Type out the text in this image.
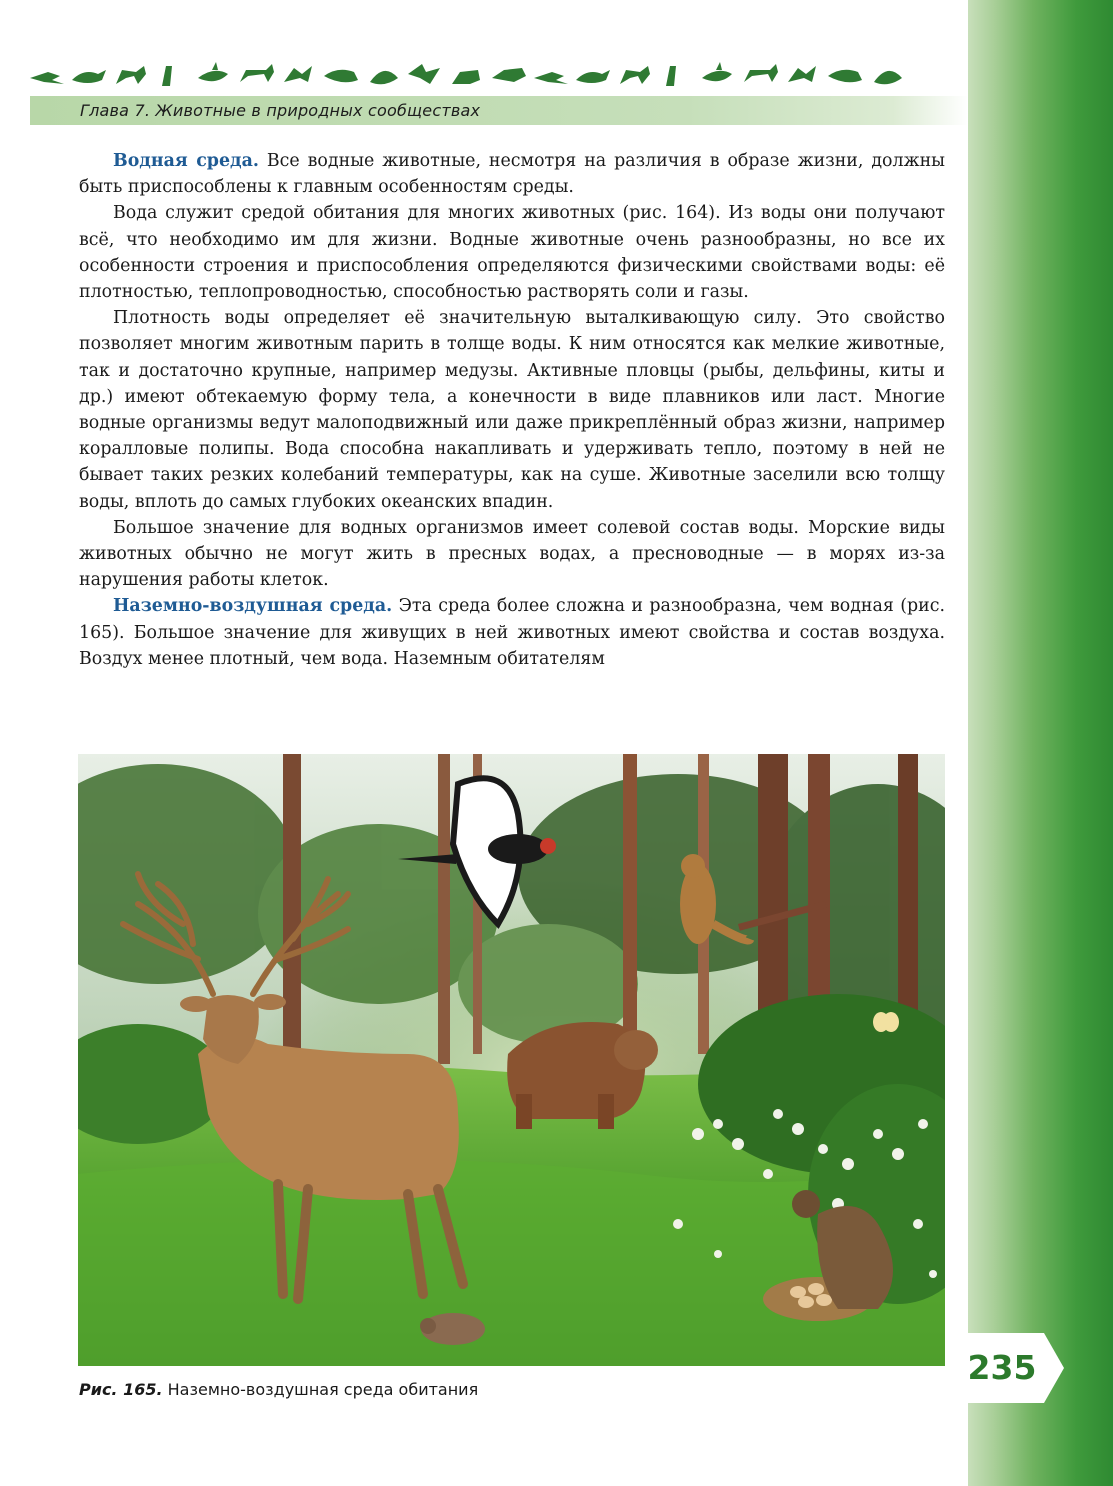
Глава 7. Животные в природных сообществах

Водная среда. Все водные животные, несмотря на различия в образе жизни, должны быть приспособлены к главным особенностям среды.

Вода служит средой обитания для многих животных (рис. 164). Из воды они получают всё, что необходимо им для жизни. Водные животные очень разнообразны, но все их особенности строения и приспособления определяются физическими свойствами воды: её плотностью, теплопроводностью, способностью растворять соли и газы.

Плотность воды определяет её значительную выталкивающую силу. Это свойство позволяет многим животным парить в толще воды. К ним относятся как мелкие животные, так и достаточно крупные, например медузы. Активные пловцы (рыбы, дельфины, киты и др.) имеют обтекаемую форму тела, а конечности в виде плавников или ласт. Многие водные организмы ведут малоподвижный или даже прикреплённый образ жизни, например коралловые полипы. Вода способна накапливать и удерживать тепло, поэтому в ней не бывает таких резких колебаний температуры, как на суше. Животные заселили всю толщу воды, вплоть до самых глубоких океанских впадин.

Большое значение для водных организмов имеет солевой состав воды. Морские виды животных обычно не могут жить в пресных водах, а пресноводные — в морях из-за нарушения работы клеток.

Наземно-воздушная среда. Эта среда более сложна и разнообразна, чем водная (рис. 165). Большое значение для живущих в ней животных имеют свойства и состав воздуха. Воздух менее плотный, чем вода. Наземным обитателям

Рис. 165. Наземно-воздушная среда обитания
235
